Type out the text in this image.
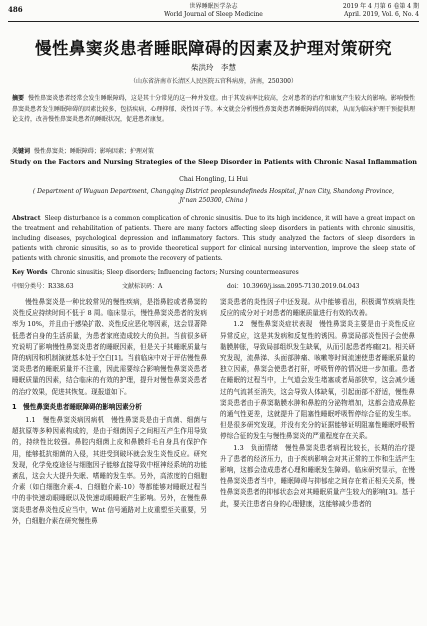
486	世界睡眠医学杂志
World Journal of Sleep Medicine
2019 年 4 月第 6 卷第 4 期
April. 2019, Vol. 6, No. 4
慢性鼻窦炎患者睡眠障碍的因素及护理对策研究
柴洪玲　李慧
（山东省济南市长清区人民医院五官科病房，济南，250300）
摘要 慢性鼻窦炎患者经常会发生睡眠障碍，这是其十分常见的这一种并发症。由于其发病率比较高，会对患者的治疗和康复产生较大的影响。影响慢性鼻窦炎患者发生睡眠障碍的因素比较多，包括疾病、心理抑郁、炎性因子等。本文就会分析慢性鼻窦炎患者睡眠障碍的因素，从而为临床护理干预提供理论支持，改善慢性鼻窦炎患者的睡眠状况，促进患者康复。
关键词 慢性鼻窦炎；睡眠障碍；影响因素；护理对策
Study on the Factors and Nursing Strategies of the Sleep Disorder in Patients with Chronic Nasal Inflammation
Chai Hongling, Li Hui
( Department of Wuguan Department, Changqing District peoplesundefineds Hospital, Ji'nan City, Shandong Province, Ji'nan 250300, China )
Abstract Sleep disturbance is a common complication of chronic sinusitis. Due to its high incidence, it will have a great impact on the treatment and rehabilitation of patients. There are many factors affecting sleep disorders in patients with chronic sinusitis, including diseases, psychological depression and inflammatory factors. This study analyzed the factors of sleep disorders in patients with chronic sinusitis, so as to provide theoretical support for clinical nursing intervention, improve the sleep state of patients with chronic sinusitis, and promote the recovery of patients.
Key Words Chronic sinusitis; Sleep disorders; Influencing factors; Nursing countermeasures
中图分类号：R338.63	文献标识码：A	doi：10.3969/j.issn.2095-7130.2019.04.043

慢性鼻窦炎是一种比较常见的慢性疾病，是指鼻腔或者鼻窦的炎性反应持续时间不低于 8 周。临床显示，慢性鼻窦炎患者的发病率为 10%，并且由于感染扩散、炎性反应恶化等因素，这会显著降低患者自身的生活质量，为患者家庭造成较大的负担。当前很多研究说明了影响慢性鼻窦炎患者的睡眠因素，但是关于其睡眠质量与降的病因和机制演就基本处于空白[1]。当前临床中对于评估慢性鼻窦炎患者的睡眠质量并不注重，因此需要综合影响慢性鼻窦炎患者睡眠质量的因素，结合临床的有效的护理，提升对慢性鼻窦炎患者的治疗效果，促进其恢复。现报道如下。

1　慢性鼻窦炎患者睡眠障碍的影响因素分析

1.1　慢性鼻窦炎病因病机　慢性鼻窦炎是由于真菌、细菌与超抗原等多种因素构成的，是由于细菌因子之间相互产生作用导致的，持续性比较强。鼻腔内细菌上皮和鼻膜纤毛自身具有保护作用，能够抵抗细菌的入侵，其进受到破坏就会发生炎性反应。研究发现，化学免疫途径与细胞因子能够直接导致中枢神经系统的功能紊乱，这会大大提升失眠、嗜睡的发生率。另外，高浓度的白细胞介素（如白细胞介素-4、白细胞介素-10）等都能够对睡眠过程当中的非快速动眼睡眠以及快速动眼睡眠产生影响。另外，在慢性鼻窦炎患者鼻炎性反应当中，Wnt 信号通路对上皮重塑至关重要，另外，白细胞介素在研究慢性鼻

窦炎患者的炎性因子中还发现。从中能够看出，积极调节疾病炎性反应的成分对于对患者的睡眠质量进行有效的改善。

1.2　慢性鼻窦炎症状表现　慢性鼻窦炎主要是由于炎性反应异常反应，这是其发病和反复性的诱因。鼻窦局部炎性因子会使鼻黏膜肿胀，导致局部组织发生缺氧，从而引起患者疼痛[2]。相关研究发现，流鼻涕、头面部肿痛、咳嗽等时间流速使患者睡眠质量的独立因素，鼻窦会使患者打鼾，呼吸暂停的情况进一步加重。患者在睡眠的过程当中，上气道会发生堵塞或者局部狭窄，这会减少通过的气流甚至消失，这会导致人体缺氧，引起面部不舒适，慢性鼻窦炎患者由于鼻窦黏膜水肿和鼻腔的分泌物增加，这都会造成鼻腔的通气性更差，这就提升了阻塞性睡眠呼吸暂停综合征的发生率。但是很多研究发现，并没有充分的证据能够证明阻塞性睡眠呼吸暂停综合征的发生与慢性鼻窦炎的严重程度存在关系。

1.3　负面情绪　慢性鼻窦炎患者病程比较长，长期的治疗提升了患者的经济压力，由于疾病影响会对其正常的工作和生活产生影响，这都会造成患者心理和睡眠发生障碍。临床研究显示，在慢性鼻窦炎患者当中，睡眠障碍与抑郁症之间存在着正相关关系，慢性鼻窦炎患者的抑郁状态会对其睡眠质量产生较大的影响[3]。基于此，要关注患者自身的心理健康，这能够减少患者的
